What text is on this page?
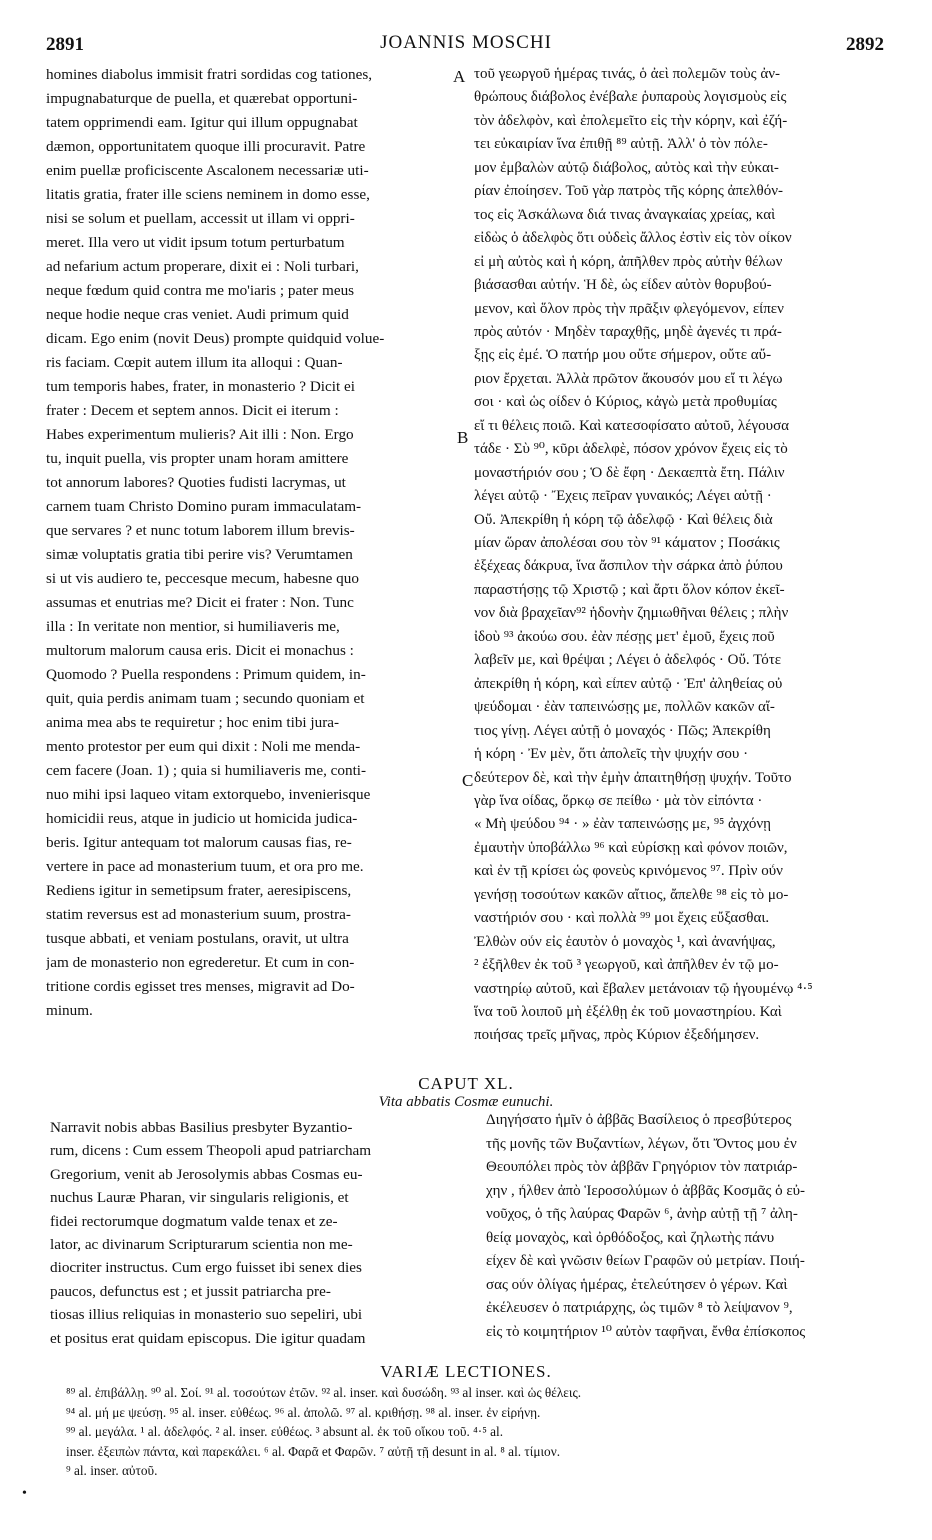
2891	JOANNIS MOSCHI	2892
homines diabolus immisit fratri sordidas cog tationes,
impugnabaturque de puella, et quærebat opportuni-
tatem opprimendi eam. Igitur qui illum oppugnabat
dæmon, opportunitatem quoque illi procuravit. Patre
enim puellæ proficiscente Ascalonem necessariæ uti-
litatis gratia, frater ille sciens neminem in domo esse,
nisi se solum et puellam, accessit ut illam vi oppri-
meret. Illa vero ut vidit ipsum totum perturbatum
ad nefarium actum properare, dixit ei : Noli turbari,
neque fœdum quid contra me mo'iaris ; pater meus
neque hodie neque cras veniet. Audi primum quid
dicam. Ego enim (novit Deus) prompte quidquid volue-
ris faciam. Cœpit autem illum ita alloqui : Quan-
tum temporis habes, frater, in monasterio ? Dicit ei
frater : Decem et septem annos. Dicit ei iterum :
Habes experimentum mulieris? Ait illi : Non. Ergo
tu, inquit puella, vis propter unam horam amittere
tot annorum labores? Quoties fudisti lacrymas, ut
carnem tuam Christo Domino puram immaculatam-
que servares ? et nunc totum laborem illum brevis-
simæ voluptatis gratia tibi perire vis? Verumtamen
si ut vis audiero te, peccesque mecum, habesne quo
assumas et enutrias me? Dicit ei frater : Non. Tunc
illa : In veritate non mentior, si humiliaveris me,
multorum malorum causa eris. Dicit ei monachus :
Quomodo ? Puella respondens : Primum quidem, in-
quit, quia perdis animam tuam ; secundo quoniam et
anima mea abs te requiretur ; hoc enim tibi jura-
mento protestor per eum qui dixit : Noli me menda-
cem facere (Joan. 1) ; quia si humiliaveris me, conti-
nuo mihi ipsi laqueo vitam extorquebo, invenierisque
homicidii reus, atque in judicio ut homicida judica-
beris. Igitur antequam tot malorum causas fias, re-
vertere in pace ad monasterium tuum, et ora pro me.
Rediens igitur in semetipsum frater, aeresipiscens,
statim reversus est ad monasterium suum, prostra-
tusque abbati, et veniam postulans, oravit, ut ultra
jam de monasterio non egrederetur. Et cum in con-
tritione cordis egisset tres menses, migravit ad Do-
minum.
τοῦ γεωργοῦ ἡμέρας τινάς, ὁ ἀεὶ πολεμῶν τοὺς ἀν-
θρώπους διάβολος ἐνέβαλε ῥυπαροὺς λογισμοὺς εἰς
τὸν ἀδελφὸν, καὶ ἐπολεμεῖτο εἰς τὴν κόρην, καὶ ἐζή-
τει εὐκαιρίαν ἵνα ἐπιθῇ ⁸⁹ αὐτῇ. Ἀλλ' ὁ τὸν πόλε-
μον ἐμβαλὼν αὐτῷ διάβολος, αὐτὸς καὶ τὴν εὐκαι-
ρίαν ἐποίησεν. Τοῦ γὰρ πατρὸς τῆς κόρης ἀπελθόν-
τος εἰς Ἀσκάλωνα διά τινας ἀναγκαίας χρείας, καὶ
εἰδὼς ὁ ἀδελφὸς ὅτι οὐδεὶς ἄλλος ἐστὶν εἰς τὸν οἶκον
εἰ μὴ αὐτὸς καὶ ἡ κόρη, ἀπῆλθεν πρὸς αὐτὴν θέλων
βιάσασθαι αὐτήν. Ἡ δὲ, ὡς εἶδεν αὐτὸν θορυβού-
μενον, καὶ ὅλον πρὸς τὴν πρᾶξιν φλεγόμενον, εἶπεν
πρὸς αὐτόν · Μηδὲν ταραχθῇς, μηδὲ ἀγενές τι πρά-
ξῃς εἰς ἐμέ. Ὁ πατήρ μου οὔτε σήμερον, οὔτε αὔ-
ριον ἔρχεται. Ἀλλὰ πρῶτον ἄκουσόν μου εἴ τι λέγω
σοι · καὶ ὡς οἶδεν ὁ Κύριος, κἀγὼ μετὰ προθυμίας
εἴ τι θέλεις ποιῶ. Καὶ κατεσοφίσατο αὐτοῦ, λέγουσα
τάδε · Σὺ ⁹⁰, κῦρι ἀδελφὲ, πόσον χρόνον ἔχεις εἰς τὸ
μοναστήριόν σου ; Ὁ δὲ ἔφη · Δεκαεπτὰ ἔτη. Πάλιν
λέγει αὐτῷ · Ἔχεις πεῖραν γυναικός; Λέγει αὐτῇ ·
Οὔ. Ἀπεκρίθη ἡ κόρη τῷ ἀδελφῷ · Καὶ θέλεις διὰ
μίαν ὥραν ἀπολέσαι σου τὸν ⁹¹ κάματον ; Ποσάκις
ἐξέχεας δάκρυα, ἵνα ἄσπιλον τὴν σάρκα ἀπὸ ῥύπου
παραστήσῃς τῷ Χριστῷ ; καὶ ἄρτι ὅλον κόπον ἐκεῖ-
νον διὰ βραχεῖαν⁹² ἡδονὴν ζημιωθῆναι θέλεις ; πλὴν
ἰδοὺ ⁹³ ἀκούω σου. ἐὰν πέσῃς μετ' ἐμοῦ, ἔχεις ποῦ
λαβεῖν με, καὶ θρέψαι ; Λέγει ὁ ἀδελφός · Οὔ. Τότε
ἀπεκρίθη ἡ κόρη, καὶ εἶπεν αὐτῷ · Ἐπ' ἀληθείας οὐ
ψεύδομαι · ἐὰν ταπεινώσῃς με, πολλῶν κακῶν αἴ-
τιος γίνῃ. Λέγει αὐτῇ ὁ μοναχός · Πῶς; Ἀπεκρίθη
ἡ κόρη · Ἐν μὲν, ὅτι ἀπολεῖς τὴν ψυχήν σου ·
δεύτερον δὲ, καὶ τὴν ἐμὴν ἀπαιτηθήσῃ ψυχήν. Τοῦτο
γὰρ ἵνα οἶδας, ὅρκῳ σε πείθω · μὰ τὸν εἰπόντα ·
« Μὴ ψεύδου ⁹⁴ · » ἐὰν ταπεινώσῃς με, ⁹⁵ ἀγχόνῃ
ἐμαυτὴν ὑποβάλλω ⁹⁶ καὶ εὑρίσκῃ καὶ φόνον ποιῶν,
καὶ ἐν τῇ κρίσει ὡς φονεὺς κρινόμενος ⁹⁷. Πρὶν οὖν
γενήσῃ τοσούτων κακῶν αἴτιος, ἄπελθε ⁹⁸ εἰς τὸ μο-
ναστήριόν σου · καὶ πολλὰ ⁹⁹ μοι ἔχεις εὔξασθαι.
Ἐλθὼν οὖν εἰς ἑαυτὸν ὁ μοναχὸς ¹, καὶ ἀνανήψας,
² ἐξῆλθεν ἐκ τοῦ ³ γεωργοῦ, καὶ ἀπῆλθεν ἐν τῷ μο-
ναστηρίῳ αὐτοῦ, καὶ ἔβαλεν μετάνοιαν τῷ ἡγουμένῳ ⁴·⁵
ἵνα τοῦ λοιποῦ μὴ ἐξέλθῃ ἐκ τοῦ μοναστηρίου. Καὶ
ποιήσας τρεῖς μῆνας, πρὸς Κύριον ἐξεδήμησεν.
A
B
C
CAPUT XL.
Vita abbatis Cosmæ eunuchi.
Narravit nobis abbas Basilius presbyter Byzantio-
rum, dicens : Cum essem Theopoli apud patriarcham
Gregorium, venit ab Jerosolymis abbas Cosmas eu-
nuchus Lauræ Pharan, vir singularis religionis, et
fidei rectorumque dogmatum valde tenax et ze-
lator, ac divinarum Scripturarum scientia non me-
diocriter instructus. Cum ergo fuisset ibi senex dies
paucos, defunctus est ; et jussit patriarcha pre-
tiosas illius reliquias in monasterio suo sepeliri, ubi
et positus erat quidam episcopus. Die igitur quadam
Διηγήσατο ἡμῖν ὁ ἀββᾶς Βασίλειος ὁ πρεσβύτερος
τῆς μονῆς τῶν Βυζαντίων, λέγων, ὅτι Ὄντος μου ἐν
Θεουπόλει πρὸς τὸν ἀββᾶν Γρηγόριον τὸν πατριάρ-
χην , ἦλθεν ἀπὸ Ἱεροσολύμων ὁ ἀββᾶς Κοσμᾶς ὁ εὐ-
νοῦχος, ὁ τῆς λαύρας Φαρῶν ⁶, ἀνὴρ αὐτῇ τῇ ⁷ ἀλη-
θείᾳ μοναχὸς, καὶ ὀρθόδοξος, καὶ ζηλωτὴς πάνυ
εἶχεν δὲ καὶ γνῶσιν θείων Γραφῶν οὐ μετρίαν. Ποιή-
σας οὖν ὀλίγας ἡμέρας, ἐτελεύτησεν ὁ γέρων. Καὶ
ἐκέλευσεν ὁ πατριάρχης, ὡς τιμῶν ⁸ τὸ λείψανον ⁹,
εἰς τὸ κοιμητήριον ¹⁰ αὐτὸν ταφῆναι, ἔνθα ἐπίσκοπος
VARIÆ LECTIONES.
⁸⁹ al. ἐπιβάλλῃ. ⁹⁰ al. Σοί. ⁹¹ al. τοσούτων ἐτῶν. ⁹² al. inser. καὶ δυσώδη. ⁹³ al inser. καὶ ὡς θέλεις.
⁹⁴ al. μή με ψεύσῃ. ⁹⁵ al. inser. εὐθέως. ⁹⁶ al. ἀπολῶ. ⁹⁷ al. κριθήσῃ. ⁹⁸ al. inser. ἐν εἰρήνῃ.
⁹⁹ al. μεγάλα. ¹ al. ἀδελφός. ² al. inser. εὐθέως. ³ absunt al. ἐκ τοῦ οἴκου τοῦ. ⁴·⁵ al.
inser. ἐξειπὼν πάντα, καὶ παρεκάλει. ⁶ al. Φαρᾶ et Φαρῶν. ⁷ αὐτῇ τῇ desunt in al. ⁸ al. τίμιον.
⁹ al. inser. αὐτοῦ.
•
